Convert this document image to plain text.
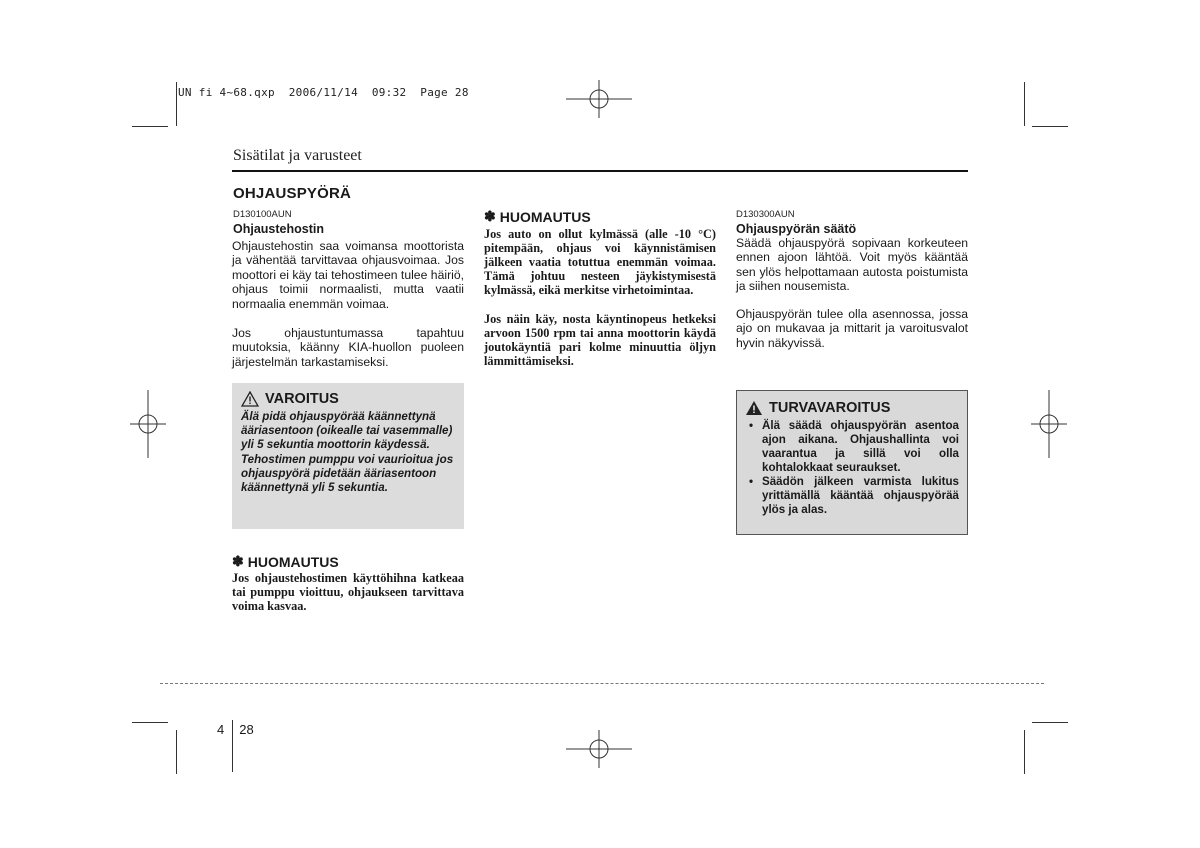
UN fi 4~68.qxp  2006/11/14  09:32  Page 28
Sisätilat ja varusteet
OHJAUSPYÖRÄ
D130100AUN
Ohjaustehostin
Ohjaustehostin saa voimansa moottorista ja vähentää tarvittavaa ohjausvoimaa. Jos moottori ei käy tai tehostimeen tulee häiriö, ohjaus toimii normaalisti, mutta vaatii normaalia enemmän voimaa.
Jos ohjaustuntumassa tapahtuu muutoksia, käänny KIA-huollon puoleen järjestelmän tarkastamiseksi.
VAROITUS
Älä pidä ohjauspyörää käännettynä ääriasentoon (oikealle tai vasemmalle) yli 5 sekuntia moottorin käydessä. Tehostimen pumppu voi vaurioitua jos ohjauspyörä pidetään ääriasentoon käännettynä yli 5 sekuntia.
✽ HUOMAUTUS
Jos ohjaustehostimen käyttöhihna katkeaa tai pumppu vioittuu, ohjaukseen tarvittava voima kasvaa.
✽ HUOMAUTUS
Jos auto on ollut kylmässä (alle -10 °C) pitempään, ohjaus voi käynnistämisen jälkeen vaatia totuttua enemmän voimaa. Tämä johtuu nesteen jäykistymisestä kylmässä, eikä merkitse virhetoimintaa.
Jos näin käy, nosta käyntinopeus hetkeksi arvoon 1500 rpm tai anna moottorin käydä joutokäyntiä pari kolme minuuttia öljyn lämmittämiseksi.
D130300AUN
Ohjauspyörän säätö
Säädä ohjauspyörä sopivaan korkeuteen ennen ajoon lähtöä. Voit myös kääntää sen ylös helpottamaan autosta poistumista ja siihen nousemista.
Ohjauspyörän tulee olla asennossa, jossa ajo on mukavaa ja mittarit ja varoitusvalot hyvin näkyvissä.
TURVAVAROITUS
• Älä säädä ohjauspyörän asentoa ajon aikana. Ohjaushallinta voi vaarantua ja sillä voi olla kohtalokkaat seuraukset.
• Säädön jälkeen varmista lukitus yrittämällä kääntää ohjauspyörää ylös ja alas.
4 28
